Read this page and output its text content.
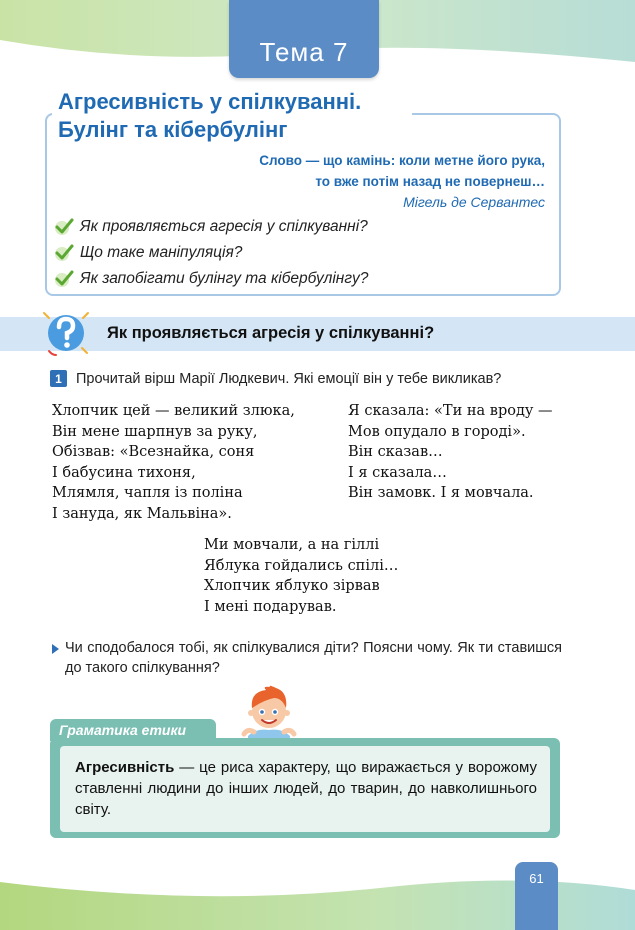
Тема 7
Агресивність у спілкуванні.
Булінг та кібербулінг
Слово — що камінь: коли метне його рука,
то вже потім назад не повернеш…
Мігель де Сервантес
Як проявляється агресія у спілкуванні?
Що таке маніпуляція?
Як запобігати булінгу та кібербулінгу?
Як проявляється агресія у спілкуванні?
1 Прочитай вірш Марії Людкевич. Які емоції він у тебе викликав?
Хлопчик цей — великий злюка,
Він мене шарпнув за руку,
Обізвав: «Всезнайка, соня
І бабусина тихоня,
Млямля, чапля із поліна
І зануда, як Мальвіна».
Я сказала: «Ти на вроду —
Мов опудало в городі».
Він сказав…
І я сказала…
Він замовк. І я мовчала.
Ми мовчали, а на гіллі
Яблука гойдались спілі…
Хлопчик яблуко зірвав
І мені подарував.
Чи сподобалося тобі, як спілкувалися діти? Поясни чому. Як ти ставишся до такого спілкування?
Граматика етики
Агресивність — це риса характеру, що виражається у ворожому ставленні людини до інших людей, до тварин, до навколишнього світу.
61
